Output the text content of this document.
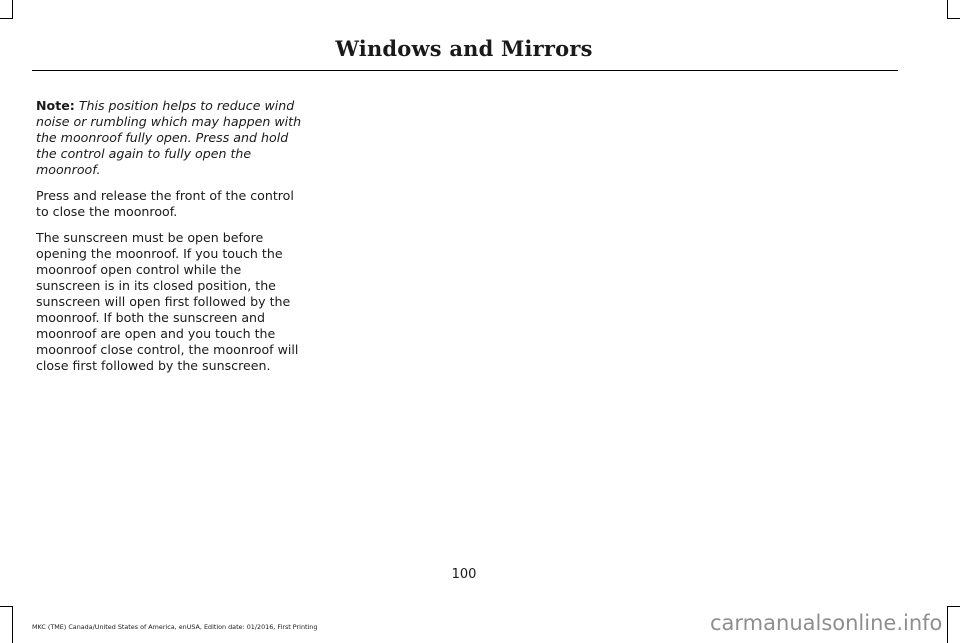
Windows and Mirrors

Note: This position helps to reduce wind noise or rumbling which may happen with the moonroof fully open. Press and hold the control again to fully open the moonroof.

Press and release the front of the control to close the moonroof.

The sunscreen must be open before opening the moonroof. If you touch the moonroof open control while the sunscreen is in its closed position, the sunscreen will open first followed by the moonroof. If both the sunscreen and moonroof are open and you touch the moonroof close control, the moonroof will close first followed by the sunscreen.

100
MKC (TME) Canada/United States of America, enUSA, Edition date: 01/2016, First Printing	carmanualsonline.info
